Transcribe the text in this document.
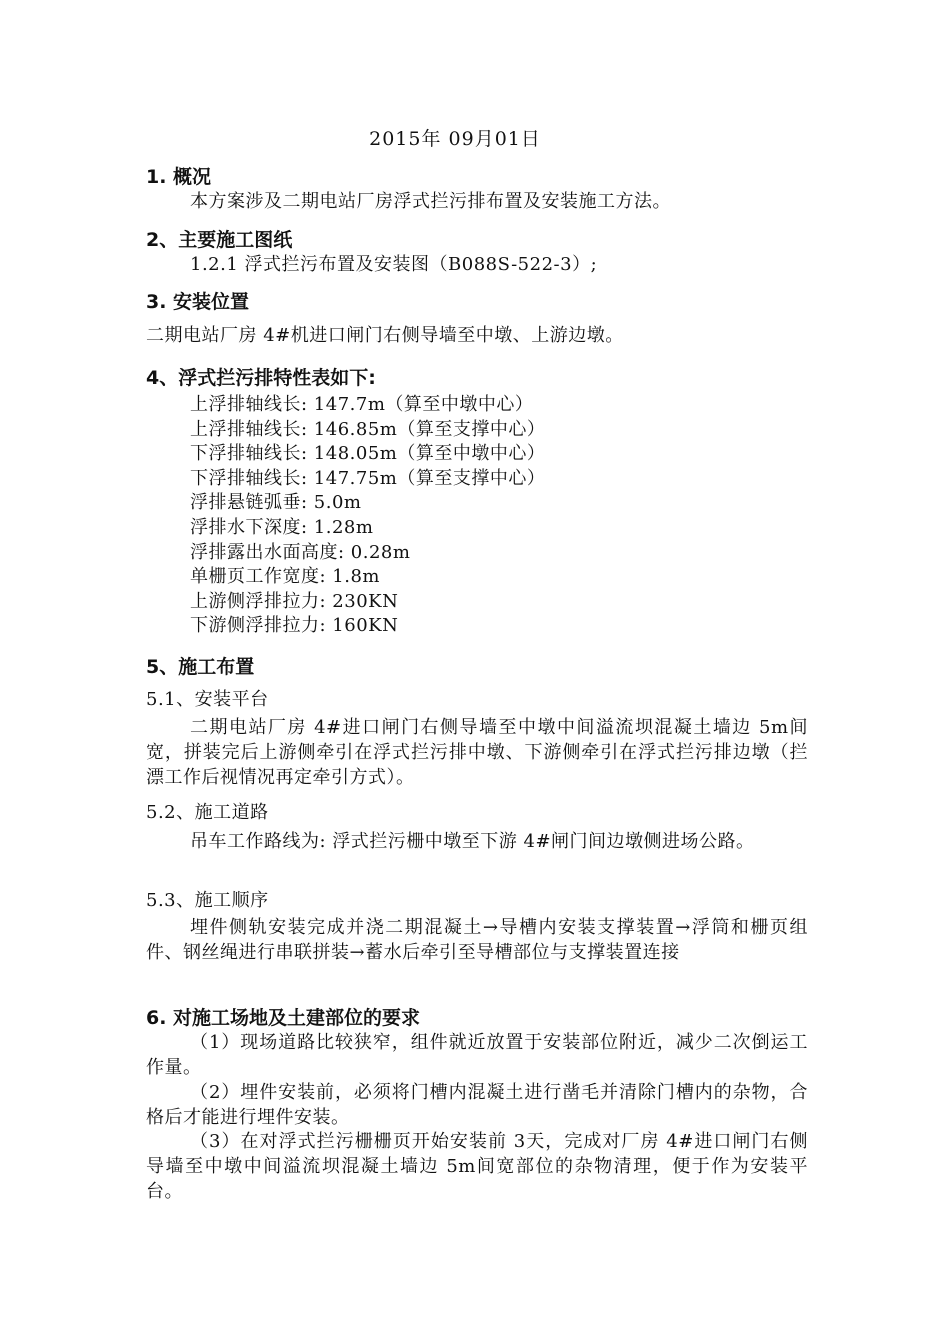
2015年 09月01日
1. 概况
本方案涉及二期电站厂房浮式拦污排布置及安装施工方法。
2、主要施工图纸
1.2.1 浮式拦污布置及安装图（B088S-522-3）;
3. 安装位置
二期电站厂房 4#机进口闸门右侧导墙至中墩、上游边墩。
4、浮式拦污排特性表如下:
上浮排轴线长: 147.7m（算至中墩中心）
上浮排轴线长: 146.85m（算至支撑中心）
下浮排轴线长: 148.05m（算至中墩中心）
下浮排轴线长: 147.75m（算至支撑中心）
浮排悬链弧垂: 5.0m
浮排水下深度: 1.28m
浮排露出水面高度: 0.28m
单栅页工作宽度: 1.8m
上游侧浮排拉力: 230KN
下游侧浮排拉力: 160KN
5、施工布置
5.1、安装平台
二期电站厂房 4#进口闸门右侧导墙至中墩中间溢流坝混凝土墙边 5m间宽，拼装完后上游侧牵引在浮式拦污排中墩、下游侧牵引在浮式拦污排边墩（拦漂工作后视情况再定牵引方式）。
5.2、施工道路
吊车工作路线为: 浮式拦污栅中墩至下游 4#闸门间边墩侧进场公路。
5.3、施工顺序
埋件侧轨安装完成并浇二期混凝土→导槽内安装支撑装置→浮筒和栅页组件、钢丝绳进行串联拼装→蓄水后牵引至导槽部位与支撑装置连接
6. 对施工场地及土建部位的要求
（1）现场道路比较狭窄，组件就近放置于安装部位附近，减少二次倒运工作量。
（2）埋件安装前，必须将门槽内混凝土进行凿毛并清除门槽内的杂物，合格后才能进行埋件安装。
（3）在对浮式拦污栅栅页开始安装前 3天，完成对厂房 4#进口闸门右侧导墙至中墩中间溢流坝混凝土墙边 5m间宽部位的杂物清理，便于作为安装平台。
